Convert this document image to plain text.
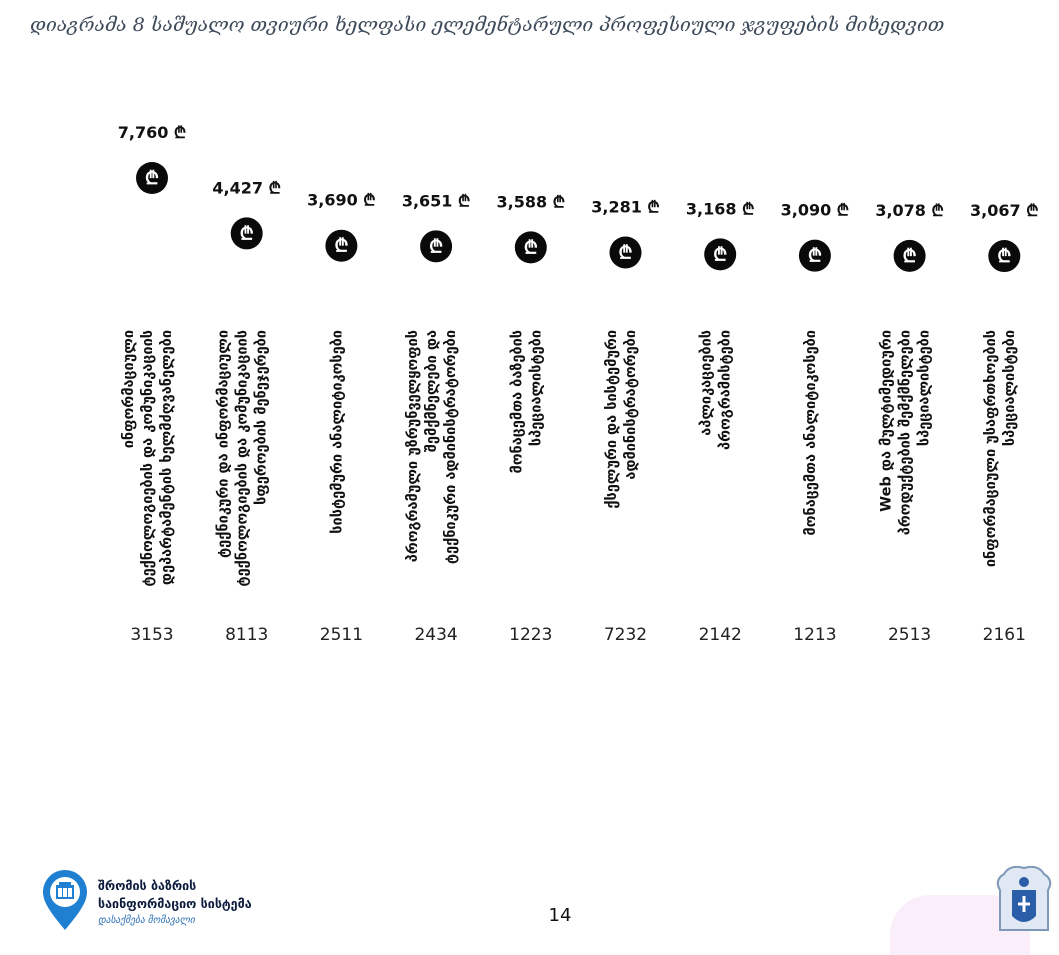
დიაგრამა 8 საშუალო თვიური ხელფასი ელემენტარული პროფესიული ჯგუფების მიხედვით
₾
7,760 ₾
ინფორმაციული ტექნოლოგიების და კომუნიკაციის დეპარტამენტის ხელმძღვანელები
3153
₾
4,427 ₾
ტექნიკური და ინფორმაციული ტექნოლოგიების და კომუნიკაციის სფეროების მენეჯერები
8113
₾
3,690 ₾
სისტემური ანალიტიკოსები
2511
₾
3,651 ₾
პროგრამული უზრუნველყოფის შემქმნელები და ტექნიკური ადმინისტრატორები
2434
₾
3,588 ₾
მონაცემთა ბაზების სპეციალისტები
1223
₾
3,281 ₾
ქსელური და სისტემური ადმინისტრატორები
7232
₾
3,168 ₾
აპლიკაციების პროგრამისტები
2142
₾
3,090 ₾
მონაცემთა ანალიტიკოსები
1213
₾
3,078 ₾
Web და მულტიმედიური პროდუქტების შემქმნელები სპეციალისტები
2513
₾
3,067 ₾
ინფორმაციული უსაფრთხოების სპეციალისტები
2161
შრომის ბაზრის
საინფორმაციო სისტემა
დასაქმება მომავალი	14
